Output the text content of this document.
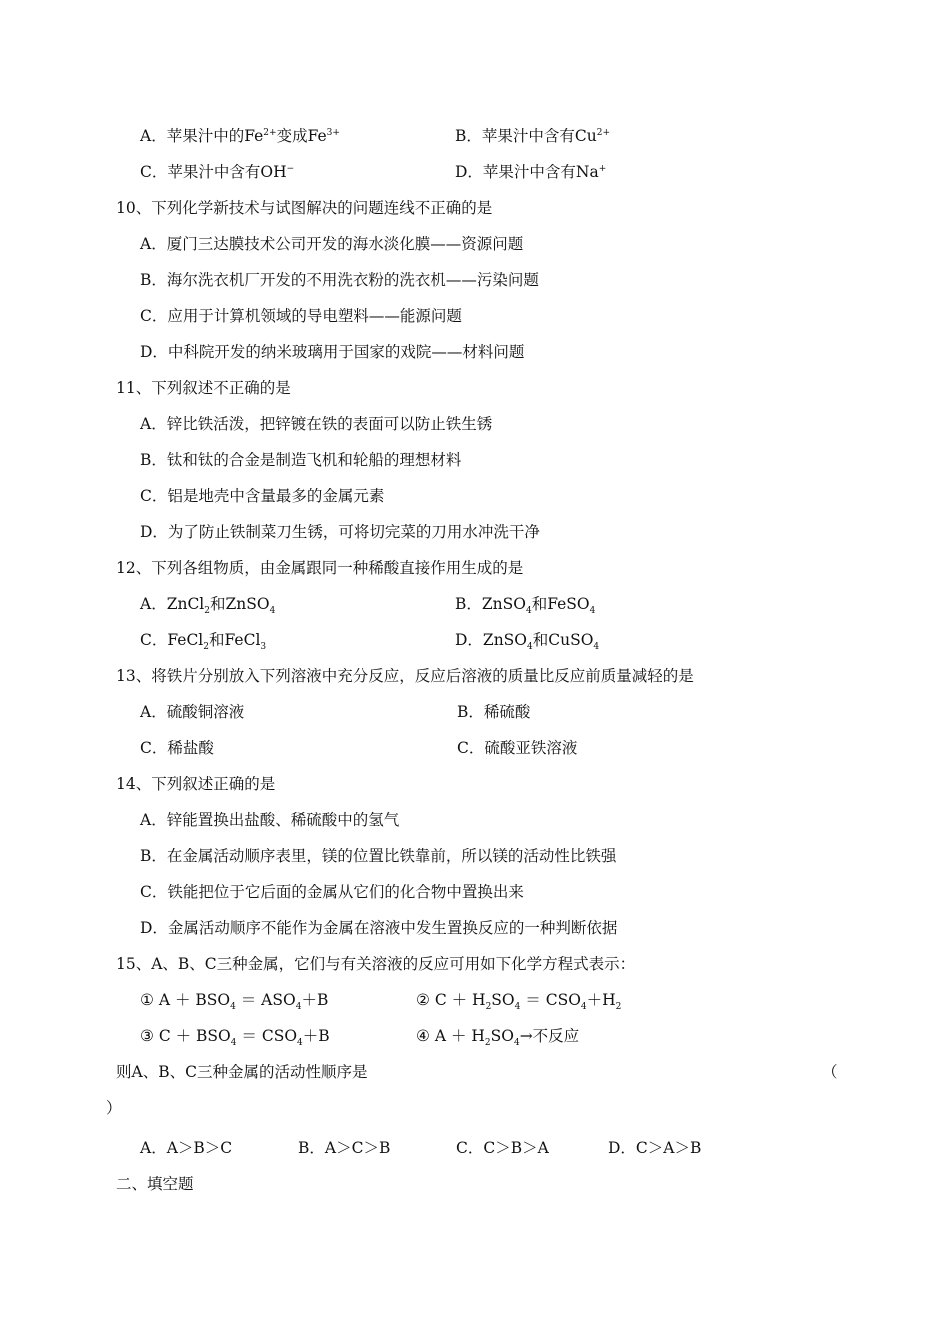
A．苹果汁中的$Fe^{2+}$变成$Fe^{3+}$	B．苹果汁中含有$Cu^{2+}$
C．苹果汁中含有OH−	D．苹果汁中含有Na+
10、下列化学新技术与试图解决的问题连线不正确的是
A．厦门三达膜技术公司开发的海水淡化膜——资源问题
B．海尔洗衣机厂开发的不用洗衣粉的洗衣机——污染问题
C．应用于计算机领域的导电塑料——能源问题
D．中科院开发的纳米玻璃用于国家的戏院——材料问题
11、下列叙述不正确的是
A．锌比铁活泼，把锌镀在铁的表面可以防止铁生锈
B．钛和钛的合金是制造飞机和轮船的理想材料
C．铝是地壳中含量最多的金属元素
D．为了防止铁制菜刀生锈，可将切完菜的刀用水冲洗干净
12、下列各组物质，由金属跟同一种稀酸直接作用生成的是
A．ZnCl$_2$和ZnSO$_4$	B．ZnSO$_4$和FeSO$_4$
C．FeCl$_2$和FeCl$_3$	D．ZnSO$_4$和CuSO$_4$
13、将铁片分别放入下列溶液中充分反应，反应后溶液的质量比反应前质量减轻的是
A．硫酸铜溶液	B．稀硫酸
C．稀盐酸	C．硫酸亚铁溶液
14、下列叙述正确的是
A．锌能置换出盐酸、稀硫酸中的氢气
B．在金属活动顺序表里，镁的位置比铁靠前，所以镁的活动性比铁强
C．铁能把位于它后面的金属从它们的化合物中置换出来
D．金属活动顺序不能作为金属在溶液中发生置换反应的一种判断依据
15、A、B、C三种金属，它们与有关溶液的反应可用如下化学方程式表示：
① $A + BSO_4 = ASO_4+B$	② $C + H_2SO_4 = CSO_4+H_2$
③ $C + BSO_4 = CSO_4+B$	④ $A + H_2SO_4\to$不反应
则A、B、C三种金属的活动性顺序是	（
）
A．A＞B＞C	B．A＞C＞B	C．C＞B＞A	D．C＞A＞B
二、填空题
